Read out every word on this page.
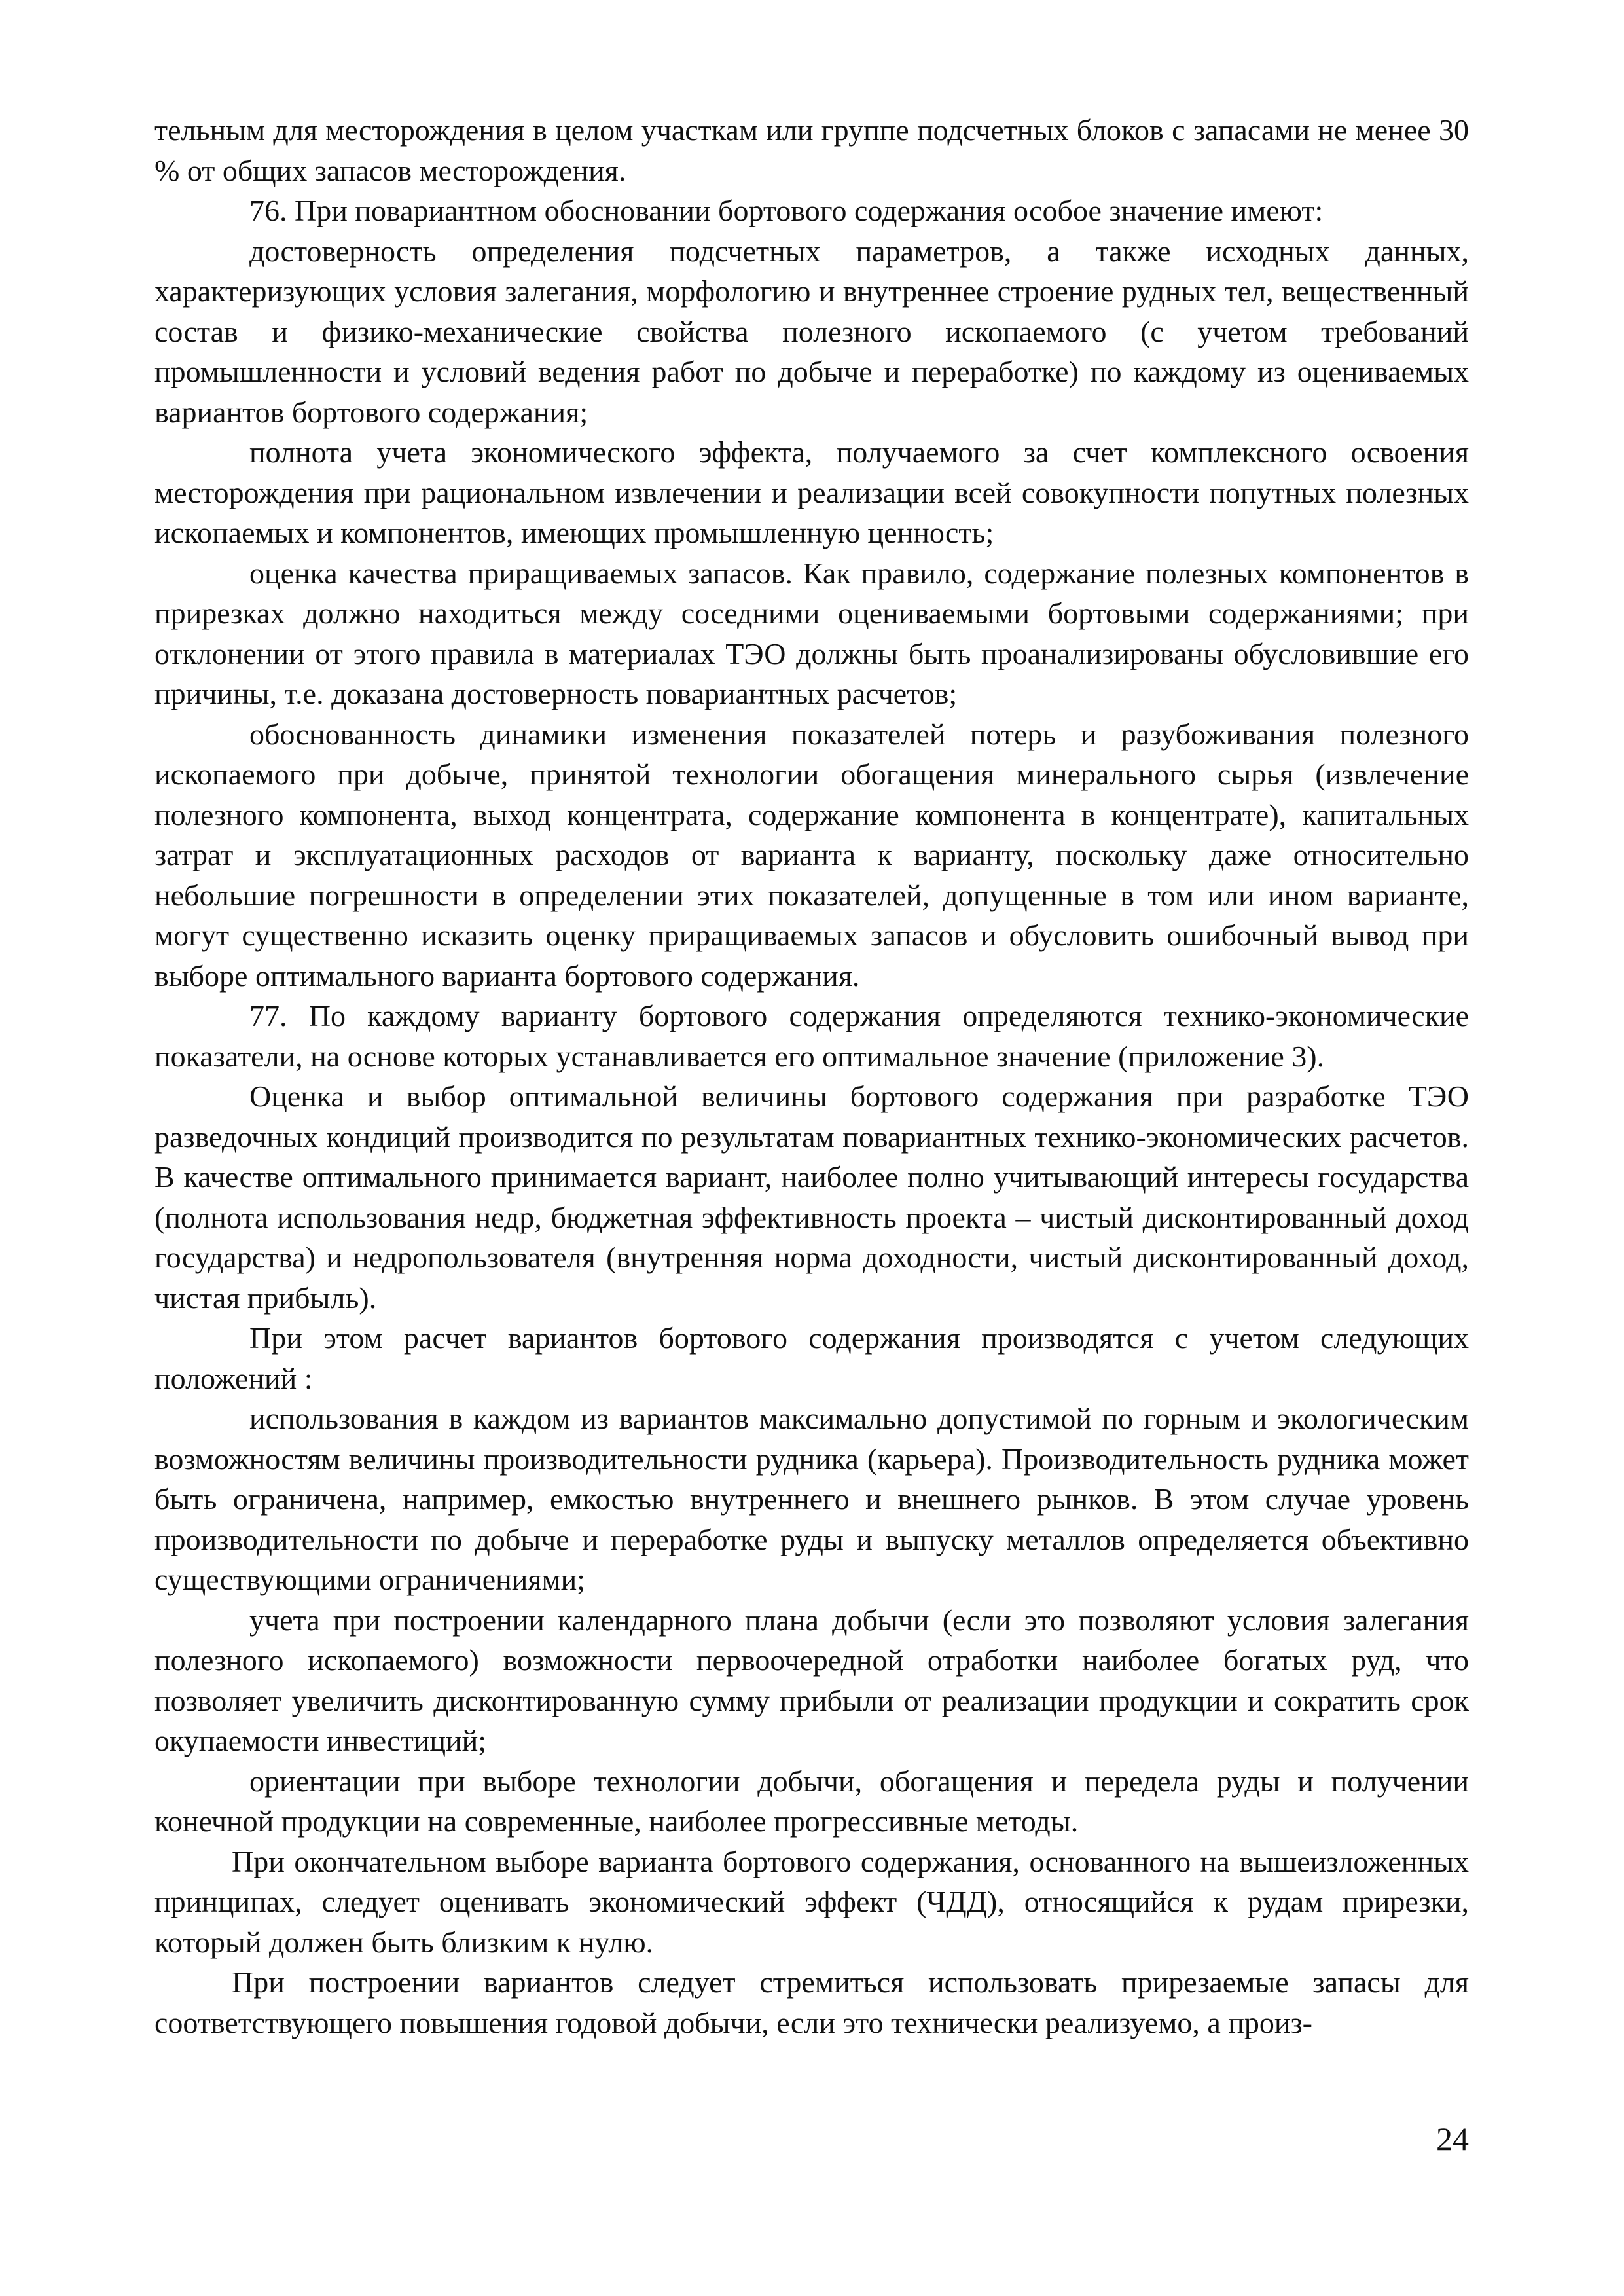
тельным для месторождения в целом участкам или группе подсчетных блоков с запасами не менее 30 % от общих запасов месторождения.

76. При повариантном обосновании бортового содержания особое значение имеют:

достоверность определения подсчетных параметров, а также исходных данных, характеризующих условия залегания, морфологию и внутреннее строение рудных тел, вещественный состав и физико-механические свойства полезного ископаемого (с учетом требований промышленности и условий ведения работ по добыче и переработке) по каждому из оцениваемых вариантов бортового содержания;

полнота учета экономического эффекта, получаемого за счет комплексного освоения месторождения при рациональном извлечении и реализации всей совокупности попутных полезных ископаемых и компонентов, имеющих промышленную ценность;

оценка качества приращиваемых запасов. Как правило, содержание полезных компонентов в прирезках должно находиться между соседними оцениваемыми бортовыми содержаниями; при отклонении от этого правила в материалах ТЭО должны быть проанализированы обусловившие его причины, т.е. доказана достоверность повариантных расчетов;

обоснованность динамики изменения показателей потерь и разубоживания полезного ископаемого при добыче, принятой технологии обогащения минерального сырья (извлечение полезного компонента, выход концентрата, содержание компонента в концентрате), капитальных затрат и эксплуатационных расходов от варианта к варианту, поскольку даже относительно небольшие погрешности в определении этих показателей, допущенные в том или ином варианте, могут существенно исказить оценку приращиваемых запасов и обусловить ошибочный вывод при выборе оптимального варианта бортового содержания.

77. По каждому варианту бортового содержания определяются технико-экономические показатели, на основе которых устанавливается его оптимальное значение (приложение 3).

Оценка и выбор оптимальной величины бортового содержания при разработке ТЭО разведочных кондиций производится по результатам повариантных технико-экономических расчетов. В качестве оптимального принимается вариант, наиболее полно учитывающий интересы государства (полнота использования недр, бюджетная эффективность проекта – чистый дисконтированный доход государства) и недропользователя (внутренняя норма доходности, чистый дисконтированный доход, чистая прибыль).

При этом расчет вариантов бортового содержания производятся с учетом следующих положений :

использования в каждом из вариантов максимально допустимой по горным и экологическим возможностям величины производительности рудника (карьера). Производительность рудника может быть ограничена, например, емкостью внутреннего и внешнего рынков. В этом случае уровень производительности по добыче и переработке руды и выпуску металлов определяется объективно существующими ограничениями;

учета при построении календарного плана добычи (если это позволяют условия залегания полезного ископаемого) возможности первоочередной отработки наиболее богатых руд, что позволяет увеличить дисконтированную сумму прибыли от реализации продукции и сократить срок окупаемости инвестиций;

ориентации при выборе технологии добычи, обогащения и передела руды и получении конечной продукции на современные, наиболее прогрессивные методы.

При окончательном выборе варианта бортового содержания, основанного на вышеизложенных принципах, следует оценивать экономический эффект (ЧДД), относящийся к рудам прирезки, который должен быть близким к нулю.

При построении вариантов следует стремиться использовать прирезаемые запасы для соответствующего повышения годовой добычи, если это технически реализуемо, а произ-

24
